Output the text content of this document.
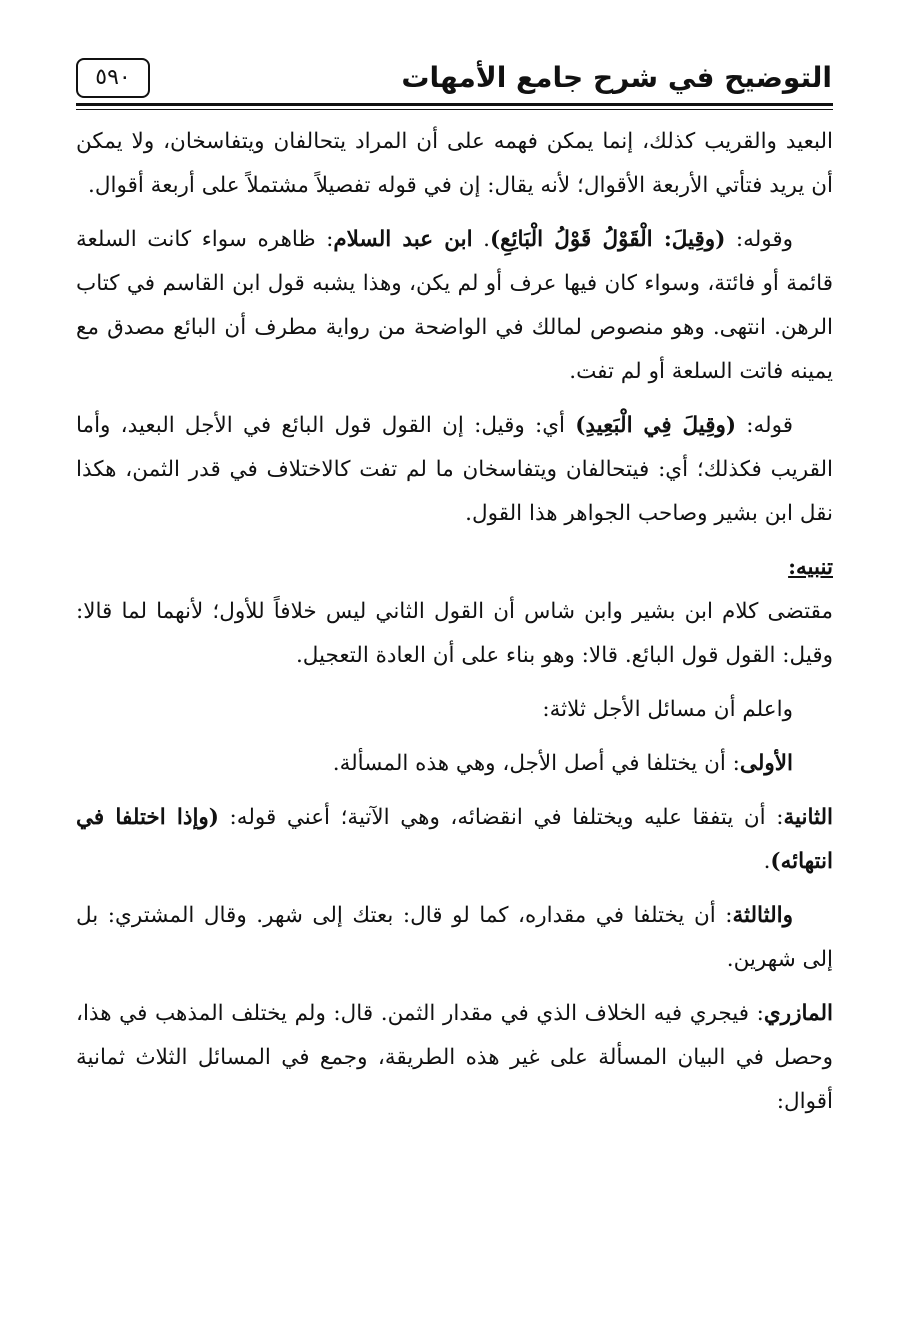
٥٩٠	التوضيح في شرح جامع الأمهات

البعيد والقريب كذلك، إنما يمكن فهمه على أن المراد يتحالفان ويتفاسخان، ولا يمكن أن يريد فتأتي الأربعة الأقوال؛ لأنه يقال: إن في قوله تفصيلاً مشتملاً على أربعة أقوال.

وقوله: (وقِيلَ: الْقَوْلُ قَوْلُ الْبَائِعِ). ابن عبد السلام: ظاهره سواء كانت السلعة قائمة أو فائتة، وسواء كان فيها عرف أو لم يكن، وهذا يشبه قول ابن القاسم في كتاب الرهن. انتهى. وهو منصوص لمالك في الواضحة من رواية مطرف أن البائع مصدق مع يمينه فاتت السلعة أو لم تفت.

قوله: (وقِيلَ فِي الْبَعِيدِ) أي: وقيل: إن القول قول البائع في الأجل البعيد، وأما القريب فكذلك؛ أي: فيتحالفان ويتفاسخان ما لم تفت كالاختلاف في قدر الثمن، هكذا نقل ابن بشير وصاحب الجواهر هذا القول.

تنبيه:

مقتضى كلام ابن بشير وابن شاس أن القول الثاني ليس خلافاً للأول؛ لأنهما لما قالا: وقيل: القول قول البائع. قالا: وهو بناء على أن العادة التعجيل.

واعلم أن مسائل الأجل ثلاثة:

الأولى: أن يختلفا في أصل الأجل، وهي هذه المسألة.

الثانية: أن يتفقا عليه ويختلفا في انقضائه، وهي الآتية؛ أعني قوله: (وإذا اختلفا في انتهائه).

والثالثة: أن يختلفا في مقداره، كما لو قال: بعتك إلى شهر. وقال المشتري: بل إلى شهرين.

المازري: فيجري فيه الخلاف الذي في مقدار الثمن. قال: ولم يختلف المذهب في هذا، وحصل في البيان المسألة على غير هذه الطريقة، وجمع في المسائل الثلاث ثمانية أقوال:
